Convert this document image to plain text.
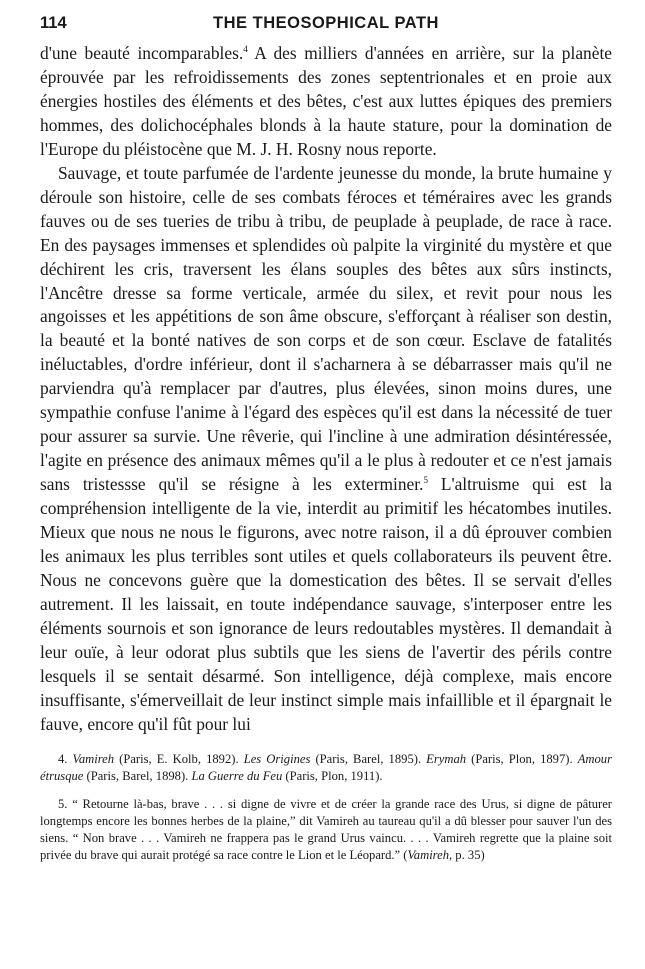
114	THE THEOSOPHICAL PATH

d'une beauté incomparables.$^4$ A des milliers d'années en arrière, sur la planète éprouvée par les refroidissements des zones septentrionales et en proie aux énergies hostiles des éléments et des bêtes, c'est aux luttes épiques des premiers hommes, des dolichocéphales blonds à la haute stature, pour la domination de l'Europe du pléistocène que M. J. H. Rosny nous reporte.

Sauvage, et toute parfumée de l'ardente jeunesse du monde, la brute humaine y déroule son histoire, celle de ses combats féroces et téméraires avec les grands fauves ou de ses tueries de tribu à tribu, de peuplade à peuplade, de race à race. En des paysages immenses et splendides où palpite la virginité du mystère et que déchirent les cris, traversent les élans souples des bêtes aux sûrs instincts, l'Ancêtre dresse sa forme verticale, armée du silex, et revit pour nous les angoisses et les appétitions de son âme obscure, s'efforçant à réaliser son destin, la beauté et la bonté natives de son corps et de son cœur. Esclave de fatalités inéluctables, d'ordre inférieur, dont il s'acharnera à se débarrasser mais qu'il ne parviendra qu'à remplacer par d'autres, plus élevées, sinon moins dures, une sympathie confuse l'anime à l'égard des espèces qu'il est dans la nécessité de tuer pour assurer sa survie. Une rêverie, qui l'incline à une admiration désintéressée, l'agite en présence des animaux mêmes qu'il a le plus à redouter et ce n'est jamais sans tristessse qu'il se résigne à les exterminer.$^5$ L'altruisme qui est la compréhension intelligente de la vie, interdit au primitif les hécatombes inutiles. Mieux que nous ne nous le figurons, avec notre raison, il a dû éprouver combien les animaux les plus terribles sont utiles et quels collaborateurs ils peuvent être. Nous ne concevons guère que la domestication des bêtes. Il se servait d'elles autrement. Il les laissait, en toute indépendance sauvage, s'interposer entre les éléments sournois et son ignorance de leurs redoutables mystères. Il demandait à leur ouïe, à leur odorat plus subtils que les siens de l'avertir des périls contre lesquels il se sentait désarmé. Son intelligence, déjà complexe, mais encore insuffisante, s'émerveillait de leur instinct simple mais infaillible et il épargnait le fauve, encore qu'il fût pour lui

4. Vamireh (Paris, E. Kolb, 1892). Les Origines (Paris, Barel, 1895). Erymah (Paris, Plon, 1897). Amour étrusque (Paris, Barel, 1898). La Guerre du Feu (Paris, Plon, 1911).

5. “ Retourne là-bas, brave . . . si digne de vivre et de créer la grande race des Urus, si digne de pâturer longtemps encore les bonnes herbes de la plaine,” dit Vamireh au taureau qu'il a dû blesser pour sauver l'un des siens. “ Non brave . . . Vamireh ne frappera pas le grand Urus vaincu. . . . Vamireh regrette que la plaine soit privée du brave qui aurait protégé sa race contre le Lion et le Léopard.” (Vamireh, p. 35)
